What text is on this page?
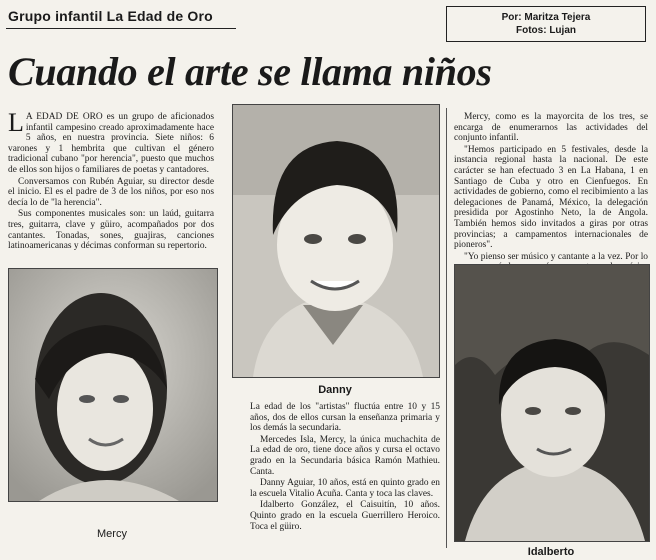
Grupo infantil La Edad de Oro	Por: Maritza Tejera
Fotos: Lujan
Cuando el arte se llama niños

L A EDAD DE ORO es un grupo de aficionados infantil campesino creado aproximadamente hace 5 años, en nuestra provincia. Siete niños: 6 varones y 1 hembrita que cultivan el género tradicional cubano "por herencia", puesto que muchos de ellos son hijos o familiares de poetas y cantadores.

Conversamos con Rubén Aguiar, su director desde el inicio. El es el padre de 3 de los niños, por eso nos decía lo de "la herencia".

Sus componentes musicales son: un laúd, guitarra tres, guitarra, clave y güiro, acompañados por dos cantantes. Tonadas, sones, guajiras, canciones latinoamericanas y décimas conforman su repertorio.

Mercy
Danny

La edad de los "artistas" fluctúa entre 10 y 15 años, dos de ellos cursan la enseñanza primaria y los demás la secundaria.

Mercedes Isla, Mercy, la única muchachita de La edad de oro, tiene doce años y cursa el octavo grado en la Secundaria básica Ramón Mathieu. Canta.

Danny Aguiar, 10 años, está en quinto grado en la escuela Vitalio Acuña. Canta y toca las claves.

Idalberto González, el Caisuitín, 10 años. Quinto grado en la escuela Guerrillero Heroico. Toca el güiro.

Mercy, como es la mayorcita de los tres, se encarga de enumerarnos las actividades del conjunto infantil.

"Hemos participado en 5 festivales, desde la instancia regional hasta la nacional. De este carácter se han efectuado 3 en La Habana, 1 en Santiago de Cuba y otro en Cienfuegos. En actividades de gobierno, como el recibimiento a las delegaciones de Panamá, México, la delegación presidida por Agostinho Neto, la de Angola. También hemos sido invitados a giras por otras provincias; a campamentos internacionales de pioneros".

"Yo pienso ser músico y cantante a la vez. Por lo

Idalberto
